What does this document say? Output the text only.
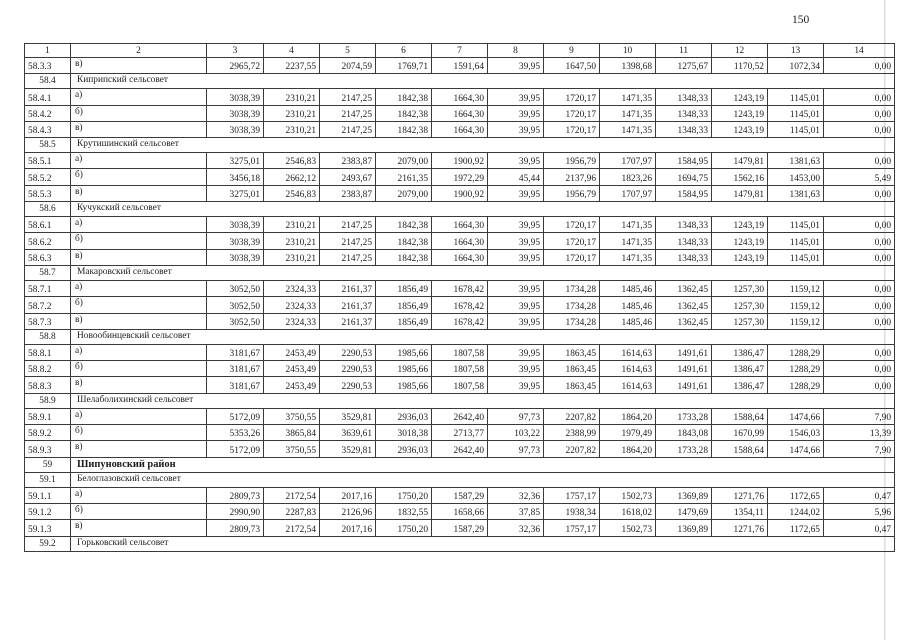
150
1	2	3	4	5	6	7	8	9	10	11	12	13	14
58.3.3	в)	2965,72	2237,55	2074,59	1769,71	1591,64	39,95	1647,50	1398,68	1275,67	1170,52	1072,34	0,00
58.4	Киприпский сельсовет												
58.4.1	а)	3038,39	2310,21	2147,25	1842,38	1664,30	39,95	1720,17	1471,35	1348,33	1243,19	1145,01	0,00
58.4.2	б)	3038,39	2310,21	2147,25	1842,38	1664,30	39,95	1720,17	1471,35	1348,33	1243,19	1145,01	0,00
58.4.3	в)	3038,39	2310,21	2147,25	1842,38	1664,30	39,95	1720,17	1471,35	1348,33	1243,19	1145,01	0,00
58.5	Крутишинский сельсовет												
58.5.1	а)	3275,01	2546,83	2383,87	2079,00	1900,92	39,95	1956,79	1707,97	1584,95	1479,81	1381,63	0,00
58.5.2	б)	3456,18	2662,12	2493,67	2161,35	1972,29	45,44	2137,96	1823,26	1694,75	1562,16	1453,00	5,49
58.5.3	в)	3275,01	2546,83	2383,87	2079,00	1900,92	39,95	1956,79	1707,97	1584,95	1479,81	1381,63	0,00
58.6	Кучукский сельсовет												
58.6.1	а)	3038,39	2310,21	2147,25	1842,38	1664,30	39,95	1720,17	1471,35	1348,33	1243,19	1145,01	0,00
58.6.2	б)	3038,39	2310,21	2147,25	1842,38	1664,30	39,95	1720,17	1471,35	1348,33	1243,19	1145,01	0,00
58.6.3	в)	3038,39	2310,21	2147,25	1842,38	1664,30	39,95	1720,17	1471,35	1348,33	1243,19	1145,01	0,00
58.7	Макаровский сельсовет												
58.7.1	а)	3052,50	2324,33	2161,37	1856,49	1678,42	39,95	1734,28	1485,46	1362,45	1257,30	1159,12	0,00
58.7.2	б)	3052,50	2324,33	2161,37	1856,49	1678,42	39,95	1734,28	1485,46	1362,45	1257,30	1159,12	0,00
58.7.3	в)	3052,50	2324,33	2161,37	1856,49	1678,42	39,95	1734,28	1485,46	1362,45	1257,30	1159,12	0,00
58.8	Новообинцевский сельсовет												
58.8.1	а)	3181,67	2453,49	2290,53	1985,66	1807,58	39,95	1863,45	1614,63	1491,61	1386,47	1288,29	0,00
58.8.2	б)	3181,67	2453,49	2290,53	1985,66	1807,58	39,95	1863,45	1614,63	1491,61	1386,47	1288,29	0,00
58.8.3	в)	3181,67	2453,49	2290,53	1985,66	1807,58	39,95	1863,45	1614,63	1491,61	1386,47	1288,29	0,00
58.9	Шелаболихинский сельсовет												
58.9.1	а)	5172,09	3750,55	3529,81	2936,03	2642,40	97,73	2207,82	1864,20	1733,28	1588,64	1474,66	7,90
58.9.2	б)	5353,26	3865,84	3639,61	3018,38	2713,77	103,22	2388,99	1979,49	1843,08	1670,99	1546,03	13,39
58.9.3	в)	5172,09	3750,55	3529,81	2936,03	2642,40	97,73	2207,82	1864,20	1733,28	1588,64	1474,66	7,90
59	Шипуновский район												
59.1	Белоглазовский сельсовет												
59.1.1	а)	2809,73	2172,54	2017,16	1750,20	1587,29	32,36	1757,17	1502,73	1369,89	1271,76	1172,65	0,47
59.1.2	б)	2990,90	2287,83	2126,96	1832,55	1658,66	37,85	1938,34	1618,02	1479,69	1354,11	1244,02	5,96
59.1.3	в)	2809,73	2172,54	2017,16	1750,20	1587,29	32,36	1757,17	1502,73	1369,89	1271,76	1172,65	0,47
59.2	Горьковский сельсовет												
